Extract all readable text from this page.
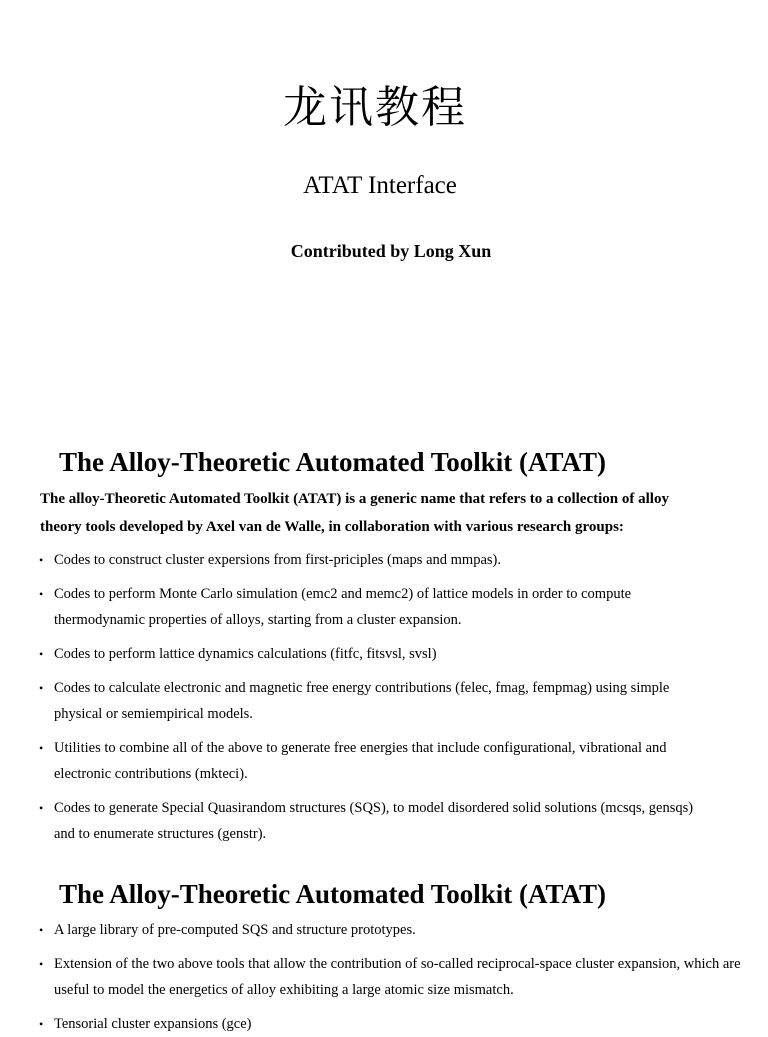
龙讯教程

ATAT Interface

Contributed by Long Xun

The Alloy-Theoretic Automated Toolkit (ATAT)

The alloy-Theoretic Automated Toolkit (ATAT) is a generic name that refers to a collection of alloy
theory tools developed by Axel van de Walle, in collaboration with various research groups:

• Codes to construct cluster expersions from first-priciples (maps and mmpas).
• Codes to perform Monte Carlo simulation (emc2 and memc2) of lattice models in order to compute
thermodynamic properties of alloys, starting from a cluster expansion.
• Codes to perform lattice dynamics calculations (fitfc, fitsvsl, svsl)
• Codes to calculate electronic and magnetic free energy contributions (felec, fmag, fempmag) using simple
physical or semiempirical models.
• Utilities to combine all of the above to generate free energies that include configurational, vibrational and
electronic contributions (mkteci).
• Codes to generate Special Quasirandom structures (SQS), to model disordered solid solutions (mcsqs, gensqs)
and to enumerate structures (genstr).
The Alloy-Theoretic Automated Toolkit (ATAT)
• A large library of pre-computed SQS and structure prototypes.
• Extension of the two above tools that allow the contribution of so-called reciprocal-space cluster expansion, which are
useful to model the energetics of alloy exhibiting a large atomic size mismatch.
• Tensorial cluster expansions (gce)
